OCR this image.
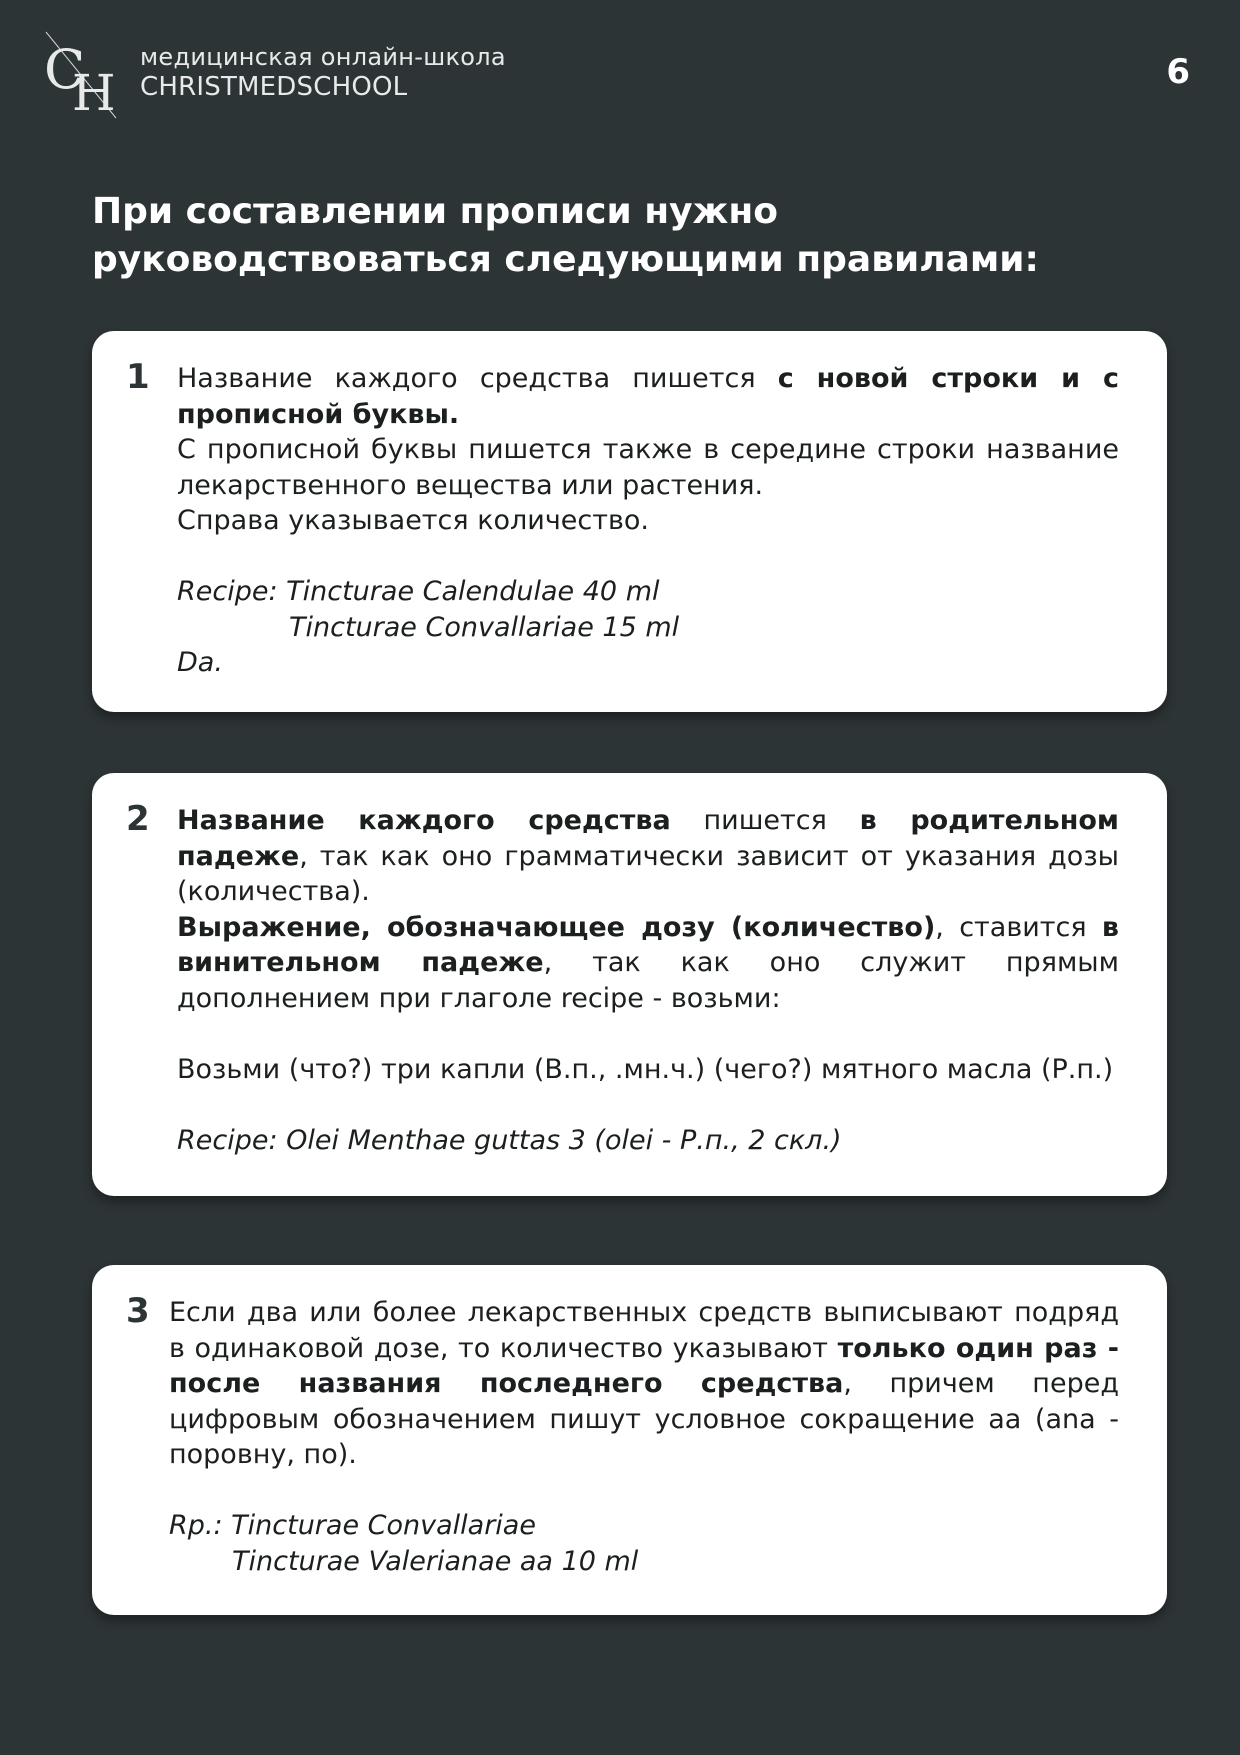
C
H
медицинская онлайн-школа
CHRISTMEDSCHOOL	6
При составлении прописи нужно руководствоваться следующими правилами:
1 Название каждого средства пишется с новой строки и с прописной буквы.

С прописной буквы пишется также в середине строки название лекарственного вещества или растения.

Справа указывается количество.

Recipe: Tincturae Calendulae 40 ml

Tincturae Convallariae 15 ml

Da.

2 Название каждого средства пишется в родительном падеже, так как оно грамматически зависит от указания дозы (количества).

Выражение, обозначающее дозу (количество), ставится в винительном падеже, так как оно служит прямым дополнением при глаголе recipe - возьми:

Возьми (что?) три капли (В.п., .мн.ч.) (чего?) мятного масла (Р.п.)

Recipe: Olei Menthae guttas 3 (olei - Р.п., 2 скл.)

3 Если два или более лекарственных средств выписывают подряд в одинаковой дозе, то количество указывают только один раз - после названия последнего средства, причем перед цифровым обозначением пишут условное сокращение аа (ana - поровну, по).

Rp.: Tincturae Convallariae

Tincturae Valerianae aa 10 ml
